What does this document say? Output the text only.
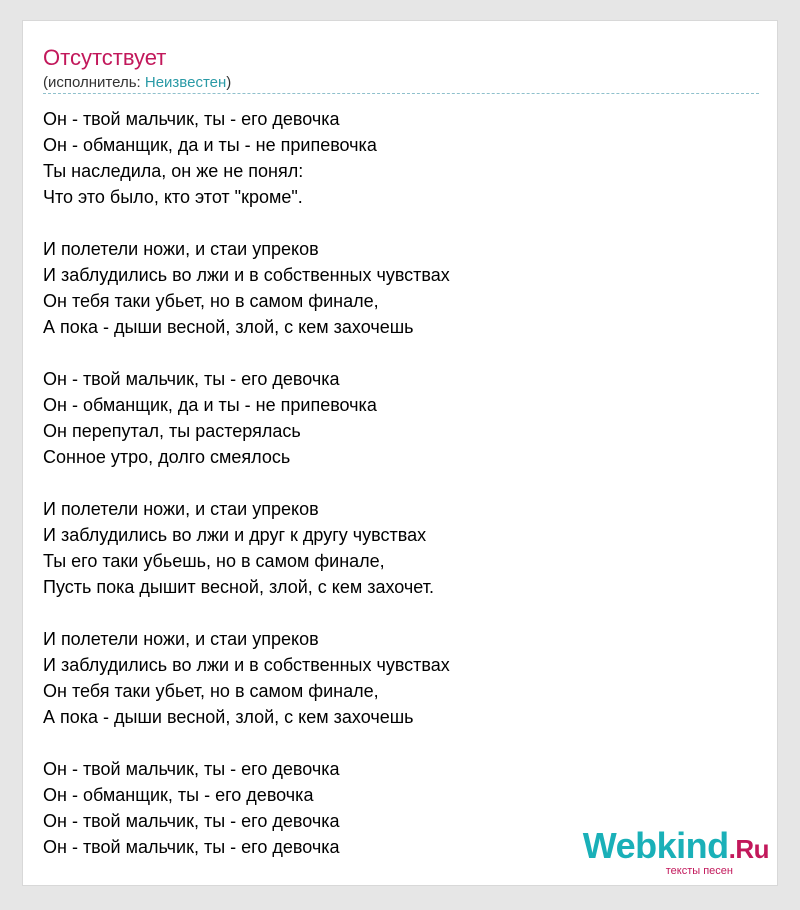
Отсутствует
(исполнитель: Неизвестен)
Он - твой мальчик, ты - его девочка
Он - обманщик, да и ты - не припевочка
Ты наследила, он же не понял:
Что это было, кто этот "кроме".
И полетели ножи, и стаи упреков
И заблудились во лжи и в собственных чувствах
Он тебя таки убьет, но в самом финале,
А пока - дыши весной, злой, с кем захочешь
Он - твой мальчик, ты - его девочка
Он - обманщик, да и ты - не припевочка
Он перепутал, ты растерялась
Сонное утро, долго смеялось
И полетели ножи, и стаи упреков
И заблудились во лжи и друг к другу чувствах
Ты его таки убьешь, но в самом финале,
Пусть пока дышит весной, злой, с кем захочет.
И полетели ножи, и стаи упреков
И заблудились во лжи и в собственных чувствах
Он тебя таки убьет, но в самом финале,
А пока - дыши весной, злой, с кем захочешь
Он - твой мальчик, ты - его девочка
Он - обманщик, ты - его девочка
Он - твой мальчик, ты - его девочка
Он - твой мальчик, ты - его девочка	Webkind.Ru
тексты песен
